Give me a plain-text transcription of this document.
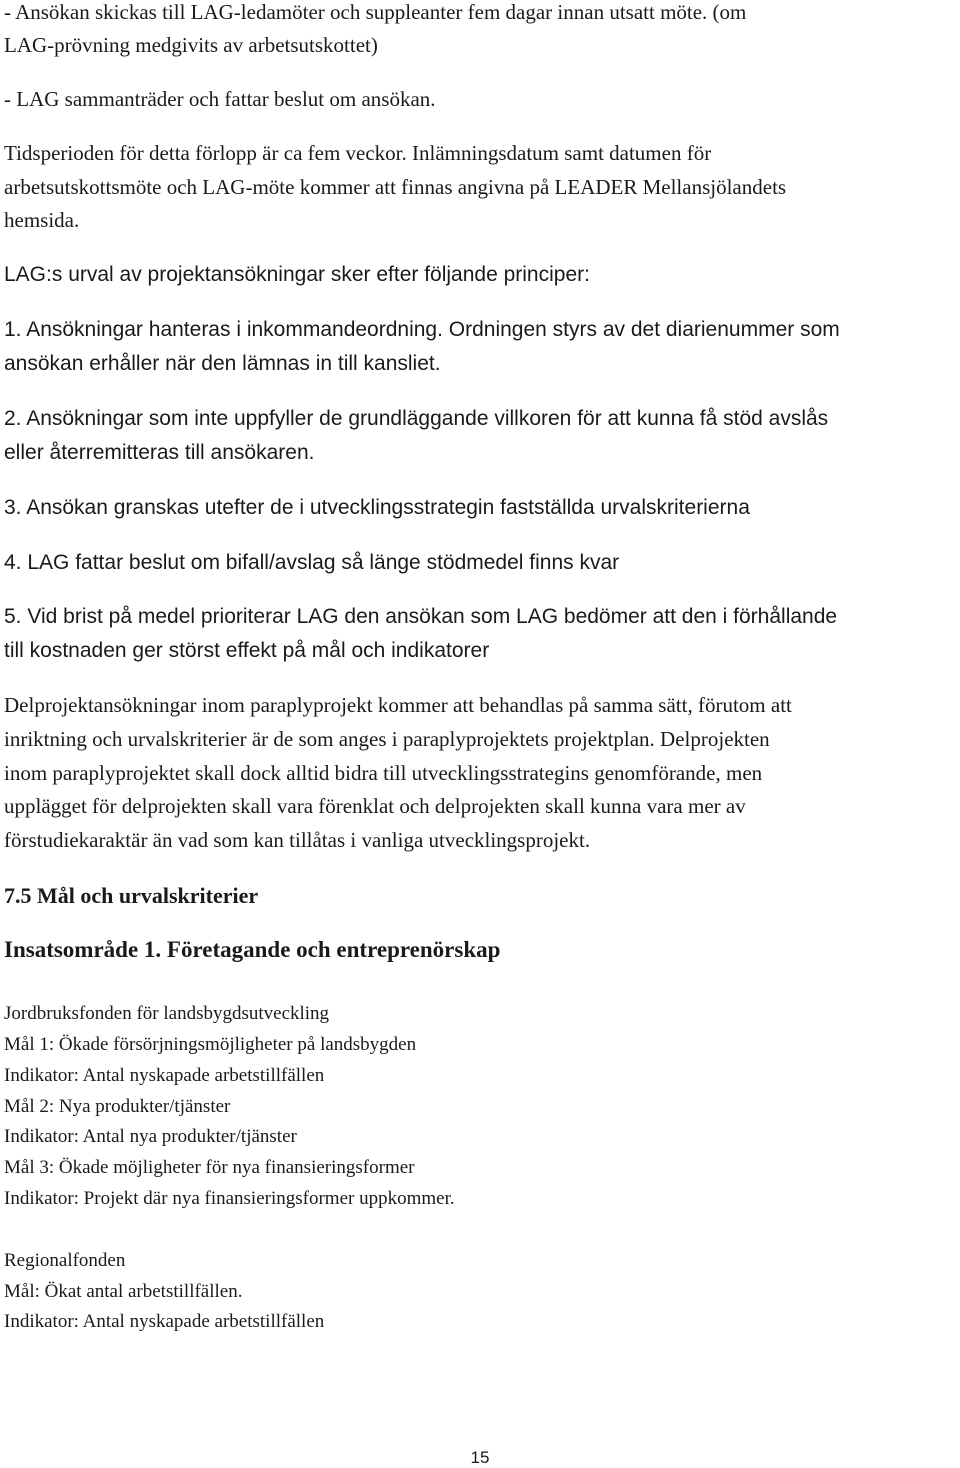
- Ansökan skickas till LAG-ledamöter och suppleanter fem dagar innan utsatt möte. (om
LAG-prövning medgivits av arbetsutskottet)
- LAG sammanträder och fattar beslut om ansökan.
Tidsperioden för detta förlopp är ca fem veckor. Inlämningsdatum samt datumen för
arbetsutskottsmöte och LAG-möte kommer att finnas angivna på LEADER Mellansjölandets
hemsida.
LAG:s urval av projektansökningar sker efter följande principer:
1. Ansökningar hanteras i inkommandeordning. Ordningen styrs av det diarienummer som
ansökan erhåller när den lämnas in till kansliet.
2. Ansökningar som inte uppfyller de grundläggande villkoren för att kunna få stöd avslås
eller återremitteras till ansökaren.
3. Ansökan granskas utefter de i utvecklingsstrategin fastställda urvalskriterierna
4. LAG fattar beslut om bifall/avslag så länge stödmedel finns kvar
5. Vid brist på medel prioriterar LAG den ansökan som LAG bedömer att den i förhållande
till kostnaden ger störst effekt på mål och indikatorer
Delprojektansökningar inom paraplyprojekt kommer att behandlas på samma sätt, förutom att
inriktning och urvalskriterier är de som anges i paraplyprojektets projektplan. Delprojekten
inom paraplyprojektet skall dock alltid bidra till utvecklingsstrategins genomförande, men
upplägget för delprojekten skall vara förenklat och delprojekten skall kunna vara mer av
förstudiekaraktär än vad som kan tillåtas i vanliga utvecklingsprojekt.
7.5 Mål och urvalskriterier
Insatsområde 1. Företagande och entreprenörskap
Jordbruksfonden för landsbygdsutveckling
Mål 1: Ökade försörjningsmöjligheter på landsbygden
Indikator: Antal nyskapade arbetstillfällen
Mål 2: Nya produkter/tjänster
Indikator: Antal nya produkter/tjänster
Mål 3: Ökade möjligheter för nya finansieringsformer
Indikator: Projekt där nya finansieringsformer uppkommer.
Regionalfonden
Mål: Ökat antal arbetstillfällen.
Indikator: Antal nyskapade arbetstillfällen
15
